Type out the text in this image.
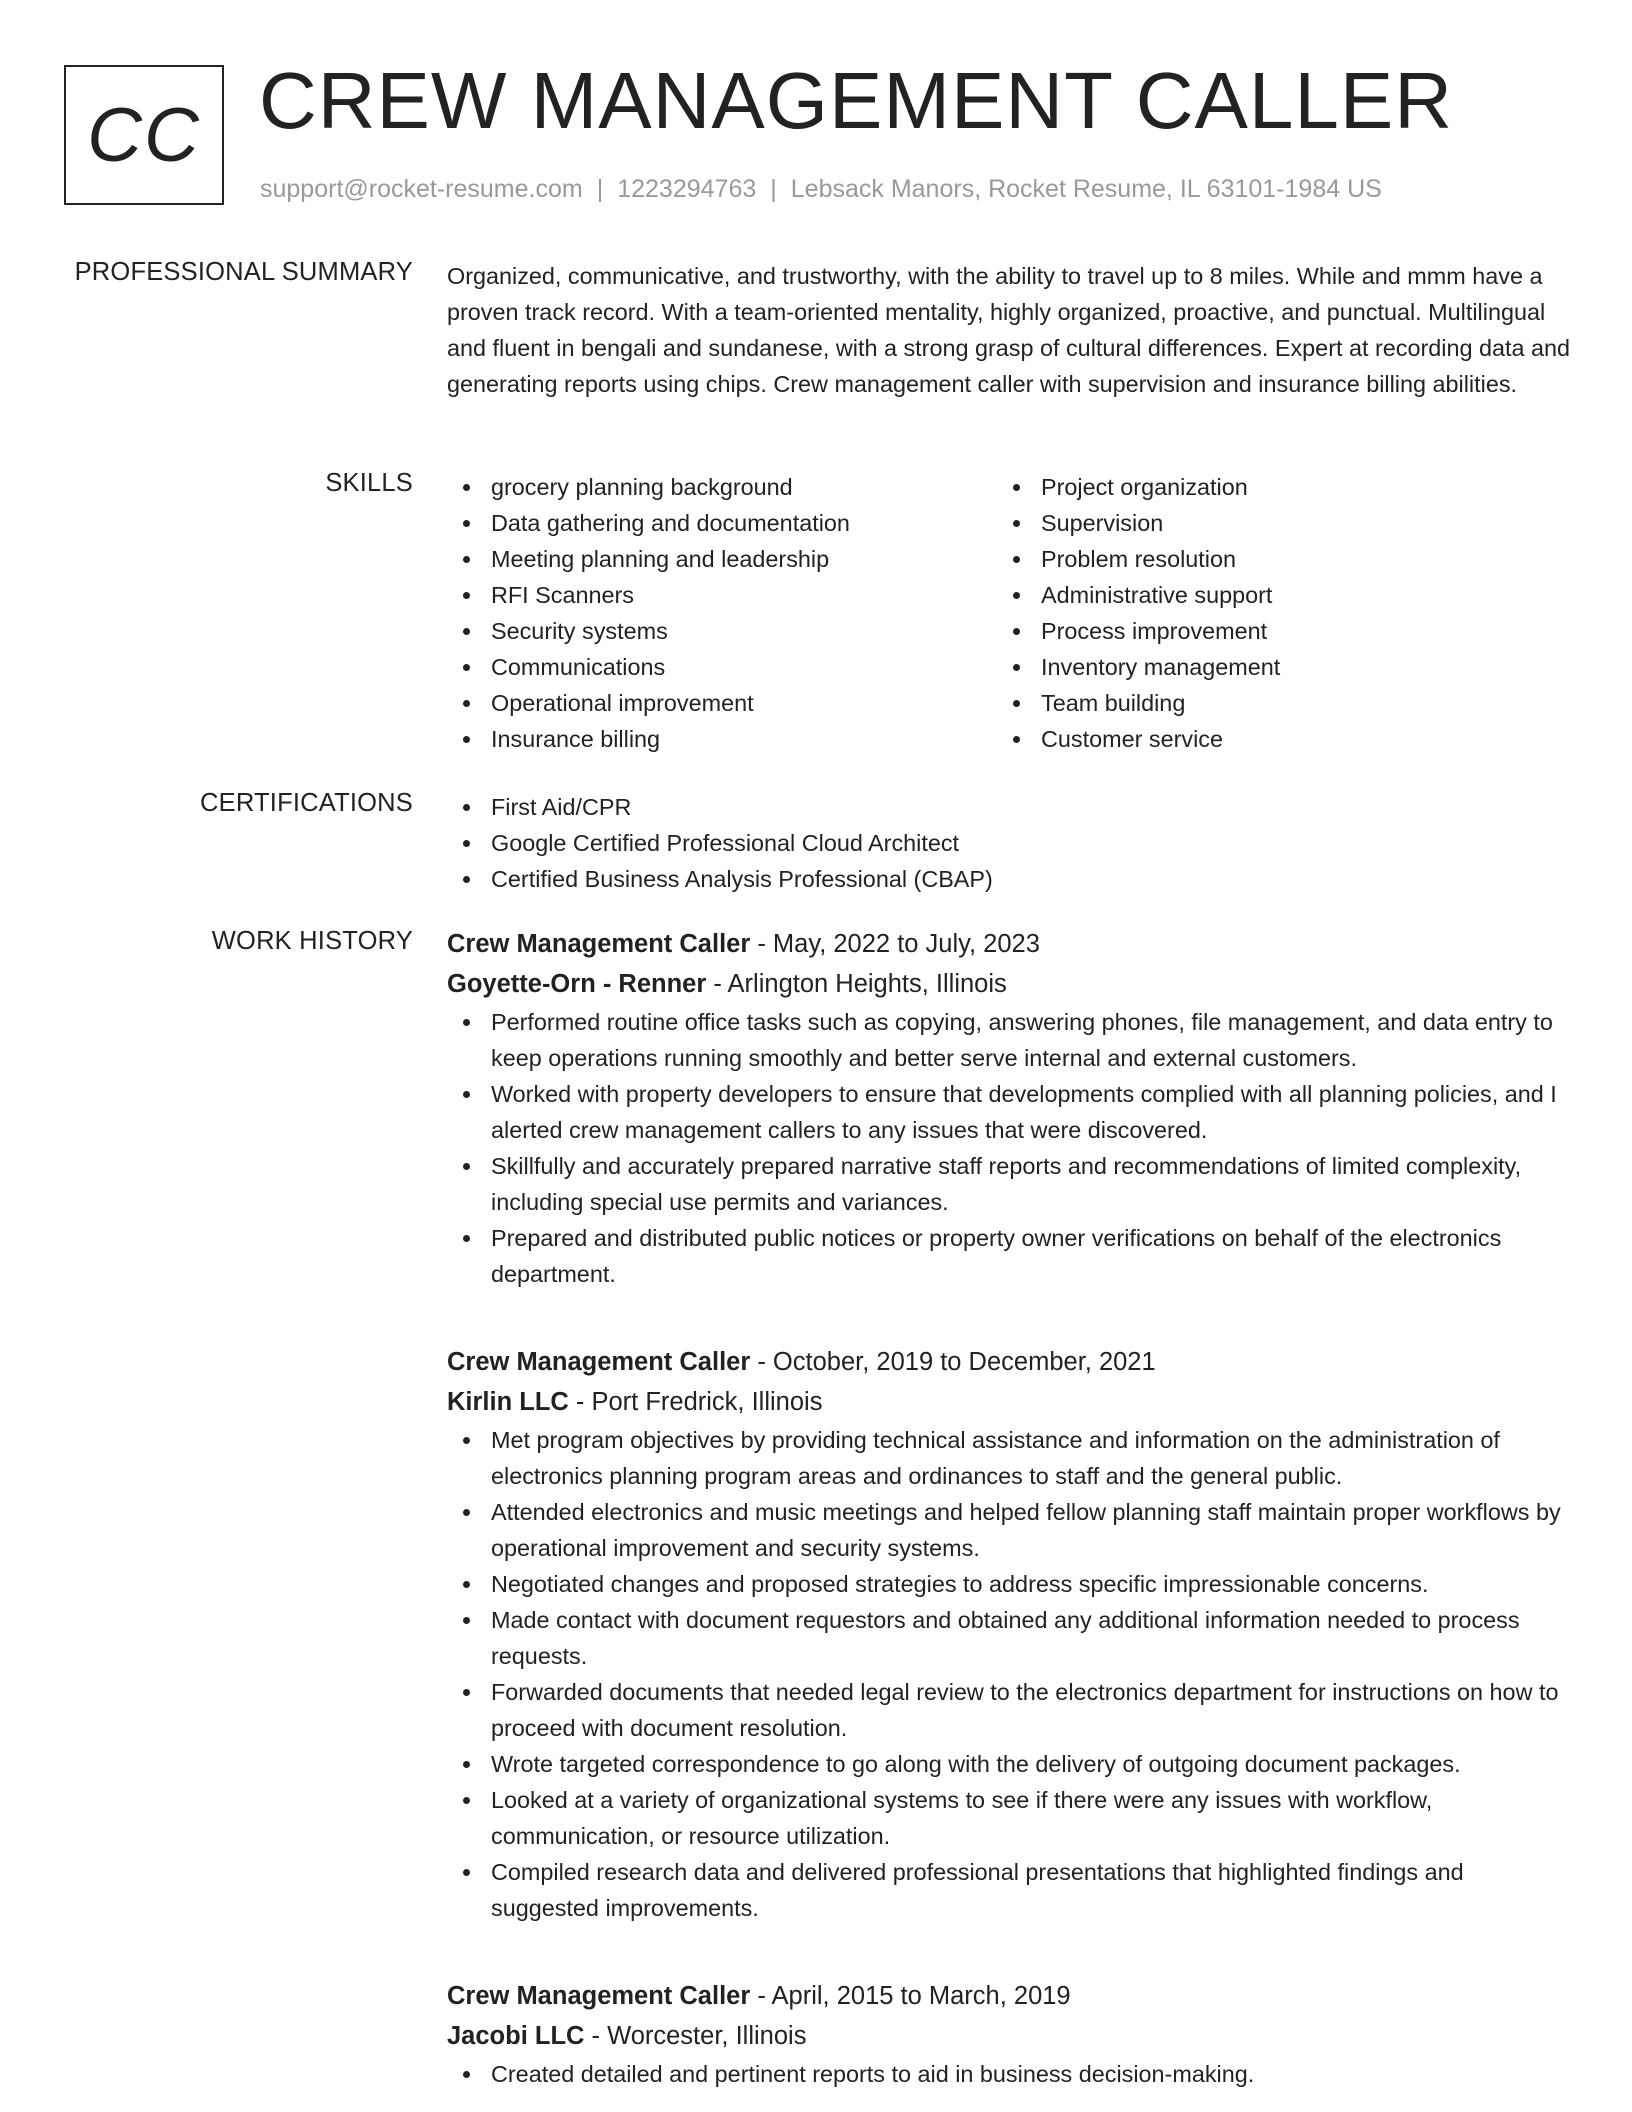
CC CREW MANAGEMENT CALLER
support@rocket-resume.com | 1223294763 | Lebsack Manors, Rocket Resume, IL 63101-1984 US
PROFESSIONAL SUMMARY Organized, communicative, and trustworthy, with the ability to travel up to 8 miles. While and mmm have a proven track record. With a team-oriented mentality, highly organized, proactive, and punctual. Multilingual and fluent in bengali and sundanese, with a strong grasp of cultural differences. Expert at recording data and generating reports using chips. Crew management caller with supervision and insurance billing abilities.

SKILLS	grocery planning background
Data gathering and documentation
Meeting planning and leadership
RFI Scanners
Security systems
Communications
Operational improvement
Insurance billing
Project organization
Supervision
Problem resolution
Administrative support
Process improvement
Inventory management
Team building
Customer service
CERTIFICATIONS	First Aid/CPR
Google Certified Professional Cloud Architect
Certified Business Analysis Professional (CBAP)
WORK HISTORY Crew Management Caller - May, 2022 to July, 2023
Goyette-Orn - Renner - Arlington Heights, Illinois
Performed routine office tasks such as copying, answering phones, file management, and data entry to keep operations running smoothly and better serve internal and external customers.
Worked with property developers to ensure that developments complied with all planning policies, and I alerted crew management callers to any issues that were discovered.
Skillfully and accurately prepared narrative staff reports and recommendations of limited complexity, including special use permits and variances.
Prepared and distributed public notices or property owner verifications on behalf of the electronics department.
Crew Management Caller - October, 2019 to December, 2021
Kirlin LLC - Port Fredrick, Illinois
Met program objectives by providing technical assistance and information on the administration of electronics planning program areas and ordinances to staff and the general public.
Attended electronics and music meetings and helped fellow planning staff maintain proper workflows by operational improvement and security systems.
Negotiated changes and proposed strategies to address specific impressionable concerns.
Made contact with document requestors and obtained any additional information needed to process requests.
Forwarded documents that needed legal review to the electronics department for instructions on how to proceed with document resolution.
Wrote targeted correspondence to go along with the delivery of outgoing document packages.
Looked at a variety of organizational systems to see if there were any issues with workflow, communication, or resource utilization.
Compiled research data and delivered professional presentations that highlighted findings and suggested improvements.
Crew Management Caller - April, 2015 to March, 2019
Jacobi LLC - Worcester, Illinois
Created detailed and pertinent reports to aid in business decision-making.
